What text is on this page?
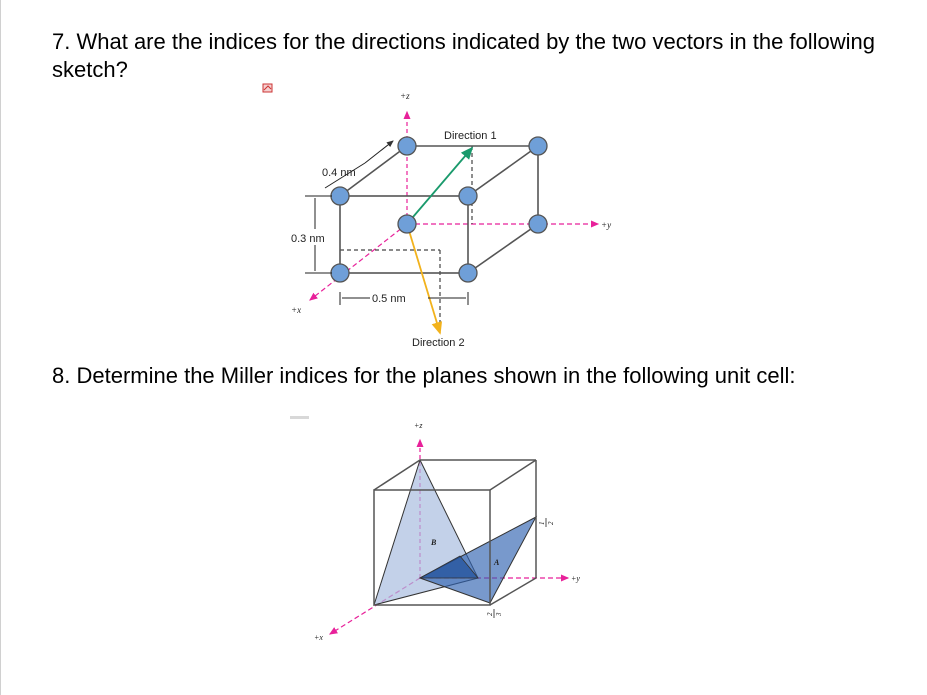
7. What are the indices for the directions indicated by the two vectors in the following sketch?

8. Determine the Miller indices for the planes shown in the following unit cell:

+z
+y
+x
Direction 1
Direction 2
0.4 nm
0.3 nm
0.5 nm
+z
+y
+x
B
A
1 2
2 3
